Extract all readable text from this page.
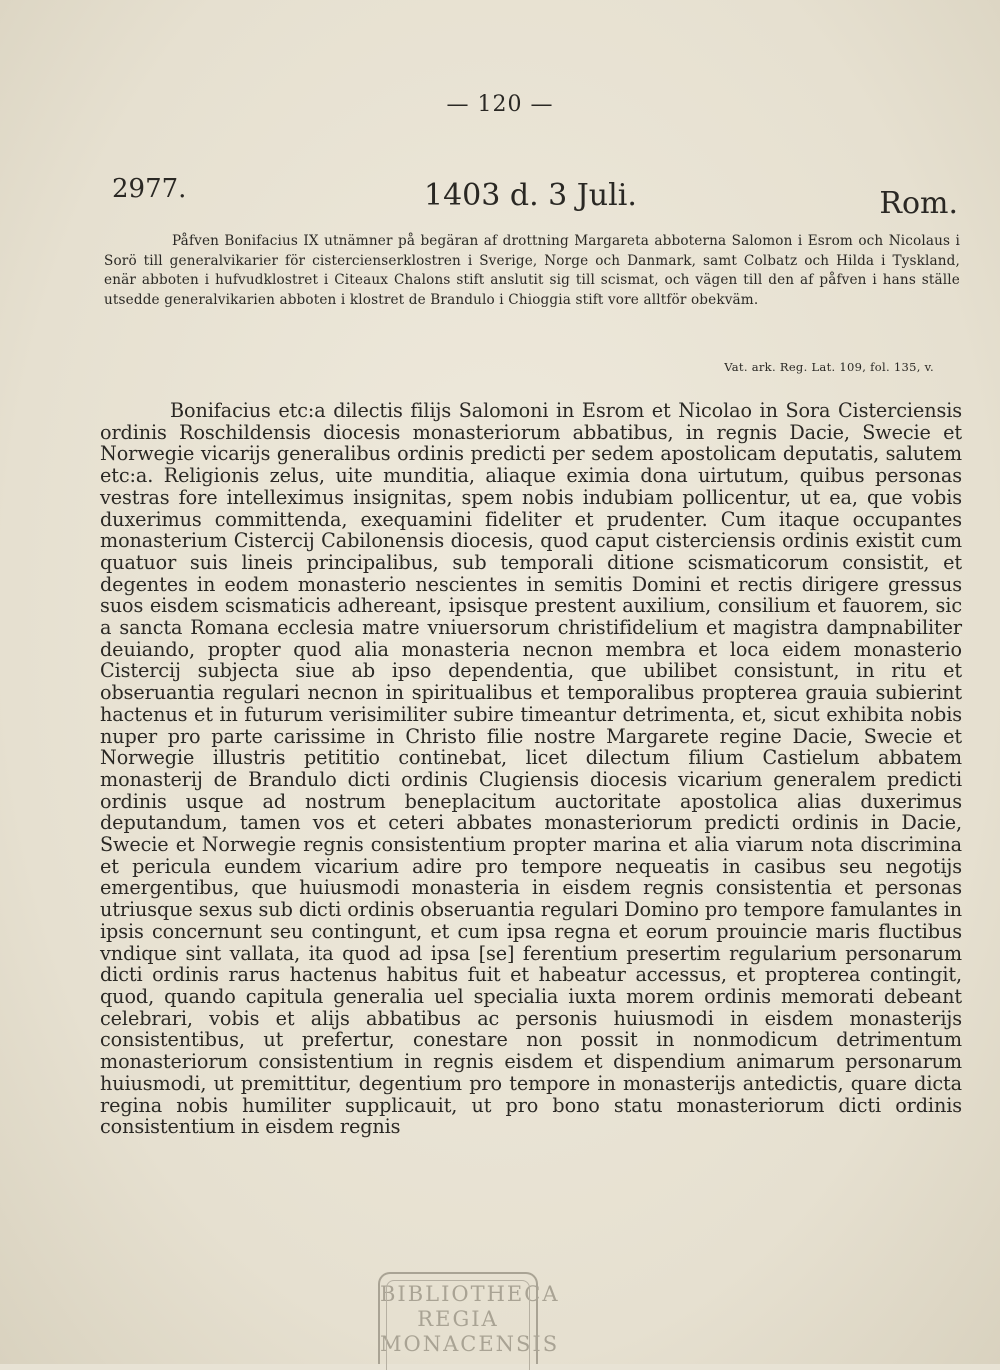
— 120 —
2977.	1403 d. 3 Juli.	Rom.

Påfven Bonifacius IX utnämner på begäran af drottning Margareta abboterna Salomon i Esrom och Nicolaus i Sorö till generalvikarier för cistercienserklostren i Sverige, Norge och Danmark, samt Colbatz och Hilda i Tyskland, enär abboten i hufvudklostret i Citeaux Chalons stift anslutit sig till scismat, och vägen till den af påfven i hans ställe utsedde generalvikarien abboten i klostret de Brandulo i Chioggia stift vore alltför obekväm.

Vat. ark. Reg. Lat. 109, fol. 135, v.

Bonifacius etc:a dilectis filijs Salomoni in Esrom et Nicolao in Sora Cisterciensis ordinis Roschildensis diocesis monasteriorum abbatibus, in regnis Dacie, Swecie et Norwegie vicarijs generalibus ordinis predicti per sedem apostolicam deputatis, salutem etc:a. Religionis zelus, uite munditia, aliaque eximia dona uirtutum, quibus personas vestras fore intelleximus insignitas, spem nobis indubiam pollicentur, ut ea, que vobis duxerimus committenda, exequamini fideliter et prudenter. Cum itaque occupantes monasterium Cistercij Cabilonensis diocesis, quod caput cisterciensis ordinis existit cum quatuor suis lineis principalibus, sub temporali ditione scismaticorum consistit, et degentes in eodem monasterio nescientes in semitis Domini et rectis dirigere gressus suos eisdem scismaticis adhereant, ipsisque prestent auxilium, consilium et fauorem, sic a sancta Romana ecclesia matre vniuersorum christifidelium et magistra dampnabiliter deuiando, propter quod alia monasteria necnon membra et loca eidem monasterio Cistercij subjecta siue ab ipso dependentia, que ubilibet consistunt, in ritu et obseruantia regulari necnon in spiritualibus et temporalibus propterea grauia subierint hactenus et in futurum verisimiliter subire timeantur detrimenta, et, sicut exhibita nobis nuper pro parte carissime in Christo filie nostre Margarete regine Dacie, Swecie et Norwegie illustris petititio continebat, licet dilectum filium Castielum abbatem monasterij de Brandulo dicti ordinis Clugiensis diocesis vicarium generalem predicti ordinis usque ad nostrum beneplacitum auctoritate apostolica alias duxerimus deputandum, tamen vos et ceteri abbates monasteriorum predicti ordinis in Dacie, Swecie et Norwegie regnis consistentium propter marina et alia viarum nota discrimina et pericula eundem vicarium adire pro tempore nequeatis in casibus seu negotijs emergentibus, que huiusmodi monasteria in eisdem regnis consistentia et personas utriusque sexus sub dicti ordinis obseruantia regulari Domino pro tempore famulantes in ipsis concernunt seu contingunt, et cum ipsa regna et eorum prouincie maris fluctibus vndique sint vallata, ita quod ad ipsa [se] ferentium presertim regularium personarum dicti ordinis rarus hactenus habitus fuit et habeatur accessus, et propterea contingit, quod, quando capitula generalia uel specialia iuxta morem ordinis memorati debeant celebrari, vobis et alijs abbatibus ac personis huiusmodi in eisdem monasterijs consistentibus, ut prefertur, conestare non possit in nonmodicum detrimentum monasteriorum consistentium in regnis eisdem et dispendium animarum personarum huiusmodi, ut premittitur, degentium pro tempore in monasterijs antedictis, quare dicta regina nobis humiliter supplicauit, ut pro bono statu monasteriorum dicti ordinis consistentium in eisdem regnis

BIBLIOTHECA
REGIA
MONACENSIS
